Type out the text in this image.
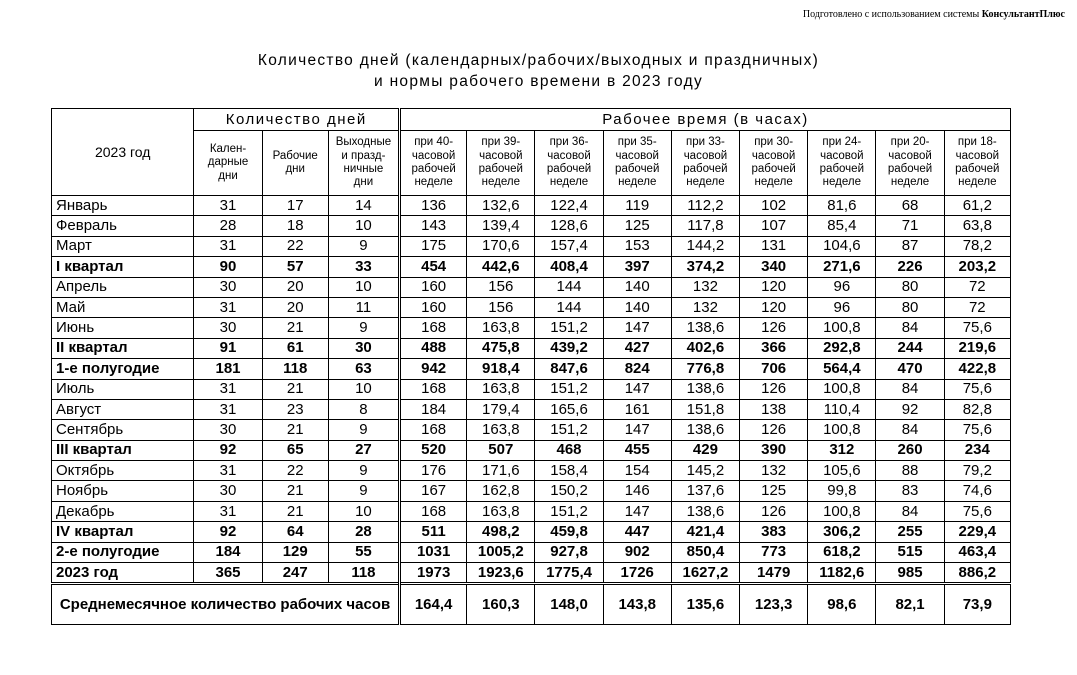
Подготовлено с использованием системы КонсультантПлюс
Количество дней (календарных/рабочих/выходных и праздничных)
и нормы рабочего времени в 2023 году
2023 год	Количество дней			Рабочее время (в часах)								
	Кален-
дарные
дни	Рабочие
дни	Выходные
и празд-
ничные
дни	при 40-
часовой
рабочей
неделе	при 39-
часовой
рабочей
неделе	при 36-
часовой
рабочей
неделе	при 35-
часовой
рабочей
неделе	при 33-
часовой
рабочей
неделе	при 30-
часовой
рабочей
неделе	при 24-
часовой
рабочей
неделе	при 20-
часовой
рабочей
неделе	при 18-
часовой
рабочей
неделе
Январь	31	17	14	136	132,6	122,4	119	112,2	102	81,6	68	61,2
Февраль	28	18	10	143	139,4	128,6	125	117,8	107	85,4	71	63,8
Март	31	22	9	175	170,6	157,4	153	144,2	131	104,6	87	78,2
I квартал	90	57	33	454	442,6	408,4	397	374,2	340	271,6	226	203,2
Апрель	30	20	10	160	156	144	140	132	120	96	80	72
Май	31	20	11	160	156	144	140	132	120	96	80	72
Июнь	30	21	9	168	163,8	151,2	147	138,6	126	100,8	84	75,6
II квартал	91	61	30	488	475,8	439,2	427	402,6	366	292,8	244	219,6
1-е полугодие	181	118	63	942	918,4	847,6	824	776,8	706	564,4	470	422,8
Июль	31	21	10	168	163,8	151,2	147	138,6	126	100,8	84	75,6
Август	31	23	8	184	179,4	165,6	161	151,8	138	110,4	92	82,8
Сентябрь	30	21	9	168	163,8	151,2	147	138,6	126	100,8	84	75,6
III квартал	92	65	27	520	507	468	455	429	390	312	260	234
Октябрь	31	22	9	176	171,6	158,4	154	145,2	132	105,6	88	79,2
Ноябрь	30	21	9	167	162,8	150,2	146	137,6	125	99,8	83	74,6
Декабрь	31	21	10	168	163,8	151,2	147	138,6	126	100,8	84	75,6
IV квартал	92	64	28	511	498,2	459,8	447	421,4	383	306,2	255	229,4
2-е полугодие	184	129	55	1031	1005,2	927,8	902	850,4	773	618,2	515	463,4
2023 год	365	247	118	1973	1923,6	1775,4	1726	1627,2	1479	1182,6	985	886,2
Среднемесячное количество рабочих часов				164,4	160,3	148,0	143,8	135,6	123,3	98,6	82,1	73,9
